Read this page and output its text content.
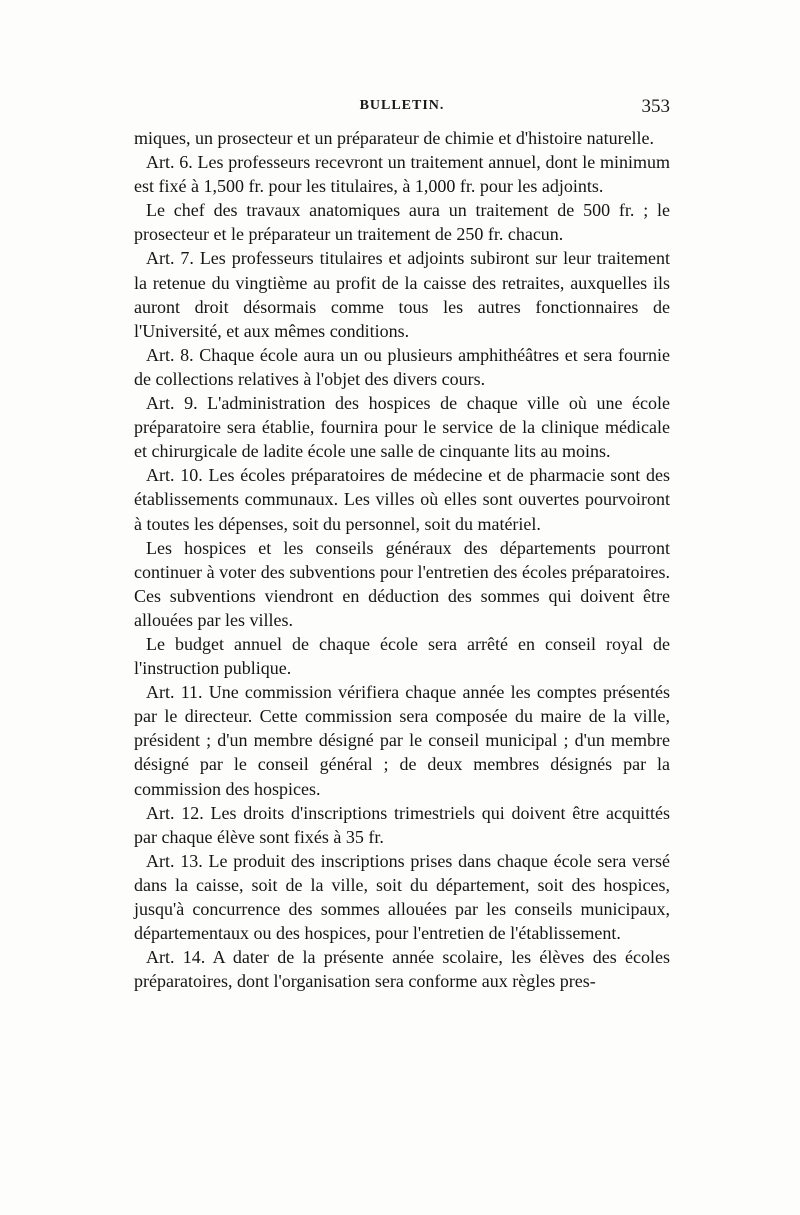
BULLETIN.	353

miques, un prosecteur et un préparateur de chimie et d'histoire naturelle.

Art. 6. Les professeurs recevront un traitement annuel, dont le minimum est fixé à 1,500 fr. pour les titulaires, à 1,000 fr. pour les adjoints.

Le chef des travaux anatomiques aura un traitement de 500 fr. ; le prosecteur et le préparateur un traitement de 250 fr. chacun.

Art. 7. Les professeurs titulaires et adjoints subiront sur leur traitement la retenue du vingtième au profit de la caisse des retraites, auxquelles ils auront droit désormais comme tous les autres fonctionnaires de l'Université, et aux mêmes conditions.

Art. 8. Chaque école aura un ou plusieurs amphithéâtres et sera fournie de collections relatives à l'objet des divers cours.

Art. 9. L'administration des hospices de chaque ville où une école préparatoire sera établie, fournira pour le service de la clinique médicale et chirurgicale de ladite école une salle de cinquante lits au moins.

Art. 10. Les écoles préparatoires de médecine et de pharmacie sont des établissements communaux. Les villes où elles sont ouvertes pourvoiront à toutes les dépenses, soit du personnel, soit du matériel.

Les hospices et les conseils généraux des départements pourront continuer à voter des subventions pour l'entretien des écoles préparatoires. Ces subventions viendront en déduction des sommes qui doivent être allouées par les villes.

Le budget annuel de chaque école sera arrêté en conseil royal de l'instruction publique.

Art. 11. Une commission vérifiera chaque année les comptes présentés par le directeur. Cette commission sera composée du maire de la ville, président ; d'un membre désigné par le conseil municipal ; d'un membre désigné par le conseil général ; de deux membres désignés par la commission des hospices.

Art. 12. Les droits d'inscriptions trimestriels qui doivent être acquittés par chaque élève sont fixés à 35 fr.

Art. 13. Le produit des inscriptions prises dans chaque école sera versé dans la caisse, soit de la ville, soit du département, soit des hospices, jusqu'à concurrence des sommes allouées par les conseils municipaux, départementaux ou des hospices, pour l'entretien de l'établissement.

Art. 14. A dater de la présente année scolaire, les élèves des écoles préparatoires, dont l'organisation sera conforme aux règles pres-
